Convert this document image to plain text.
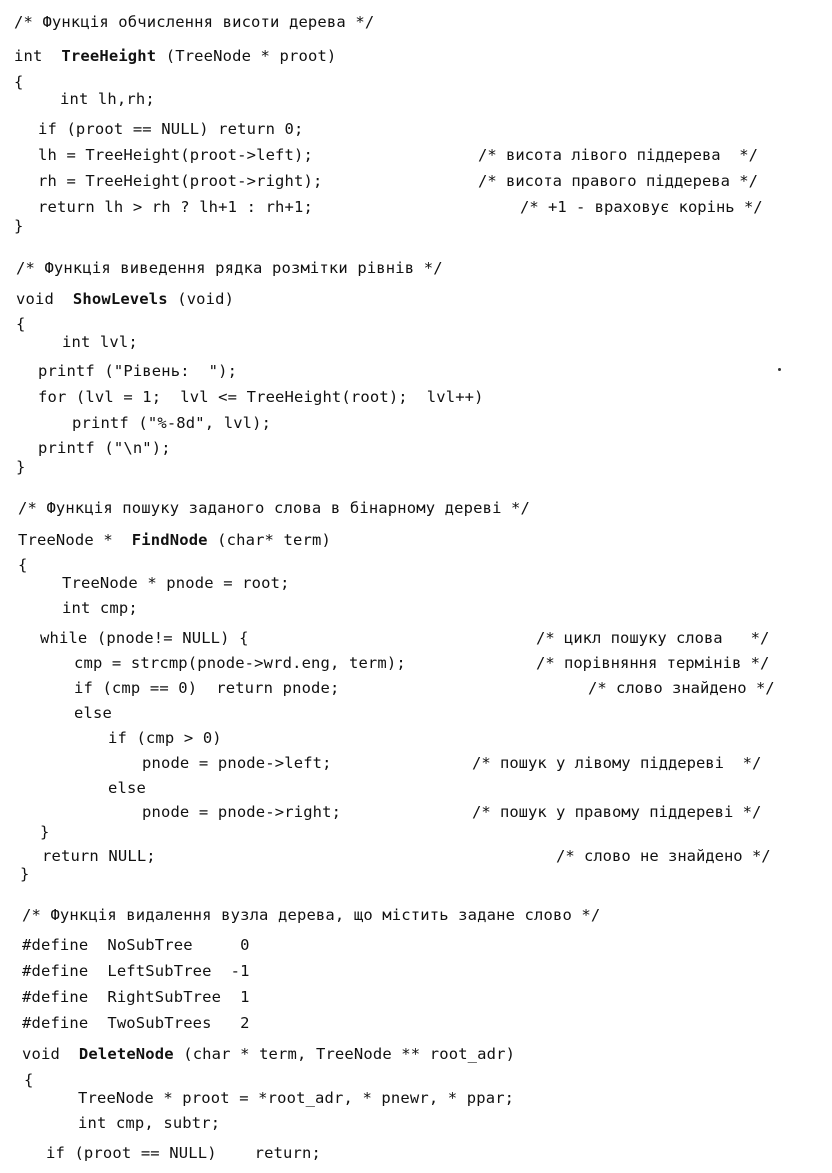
/* Функція обчислення висоти дерева */
int TreeHeight (TreeNode * proot)
{
int lh,rh;
if (proot == NULL) return 0;
lh = TreeHeight(proot->left);	/* висота лівого піддерева  */
rh = TreeHeight(proot->right);	/* висота правого піддерева */
return lh > rh ? lh+1 : rh+1;	/* +1 - враховує корінь */
}
/* Функція виведення рядка розмітки рівнів */
void ShowLevels (void)
{
int lvl;
printf ("Рівень:  ");
for (lvl = 1;  lvl <= TreeHeight(root);  lvl++)
printf ("%-8d", lvl);
printf ("\n");
}
/* Функція пошуку заданого слова в бінарному дереві */
TreeNode * FindNode (char* term)
{
TreeNode * pnode = root;
int cmp;
while (pnode!= NULL) {	/* цикл пошуку слова   */
cmp = strcmp(pnode->wrd.eng, term);	/* порівняння термінів */
if (cmp == 0)  return pnode;	/* слово знайдено */
else
if (cmp > 0)
pnode = pnode->left;	/* пошук у лівому піддереві  */
else
pnode = pnode->right;	/* пошук у правому піддереві */
}
return NULL;	/* слово не знайдено */
}
/* Функція видалення вузла дерева, що містить задане слово */
#define  NoSubTree     0
#define  LeftSubTree  -1
#define  RightSubTree  1
#define  TwoSubTrees   2
void DeleteNode (char * term, TreeNode ** root_adr)
{
TreeNode * proot = *root_adr, * pnewr, * ppar;
int cmp, subtr;
if (proot == NULL)    return;
